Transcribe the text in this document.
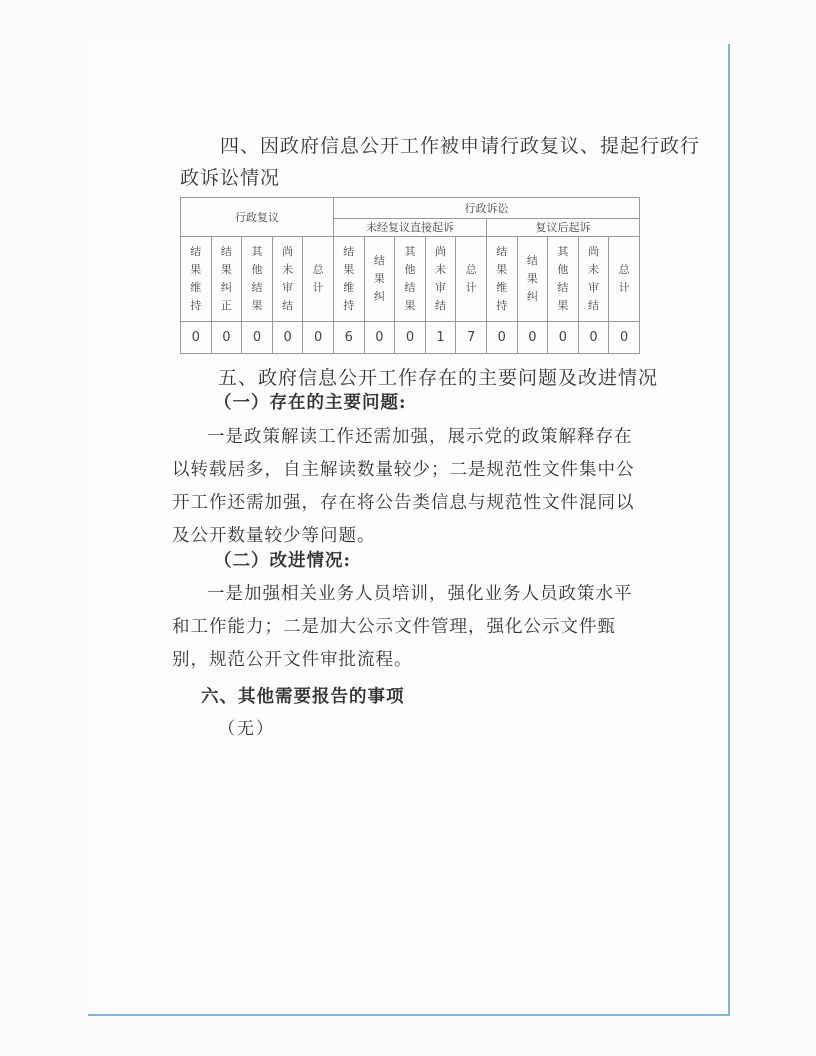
四、因政府信息公开工作被申请行政复议、提起行政行
政诉讼情况
行政复议					行政诉讼									
					未经复议直接起诉					复议后起诉				
结果维持	结果纠正	其他结果	尚未审结	总计	结果维持	结果纠	其他结果	尚未审结	总计	结果维持	结果纠	其他结果	尚未审结	总计
0	0	0	0	0	6	0	0	1	7	0	0	0	0	0
五、政府信息公开工作存在的主要问题及改进情况
（一）存在的主要问题:
一是政策解读工作还需加强，展示党的政策解释存在以转载居多，自主解读数量较少；二是规范性文件集中公开工作还需加强，存在将公告类信息与规范性文件混同以及公开数量较少等问题。
（二）改进情况:
一是加强相关业务人员培训，强化业务人员政策水平和工作能力；二是加大公示文件管理，强化公示文件甄别，规范公开文件审批流程。
六、其他需要报告的事项
（无）
